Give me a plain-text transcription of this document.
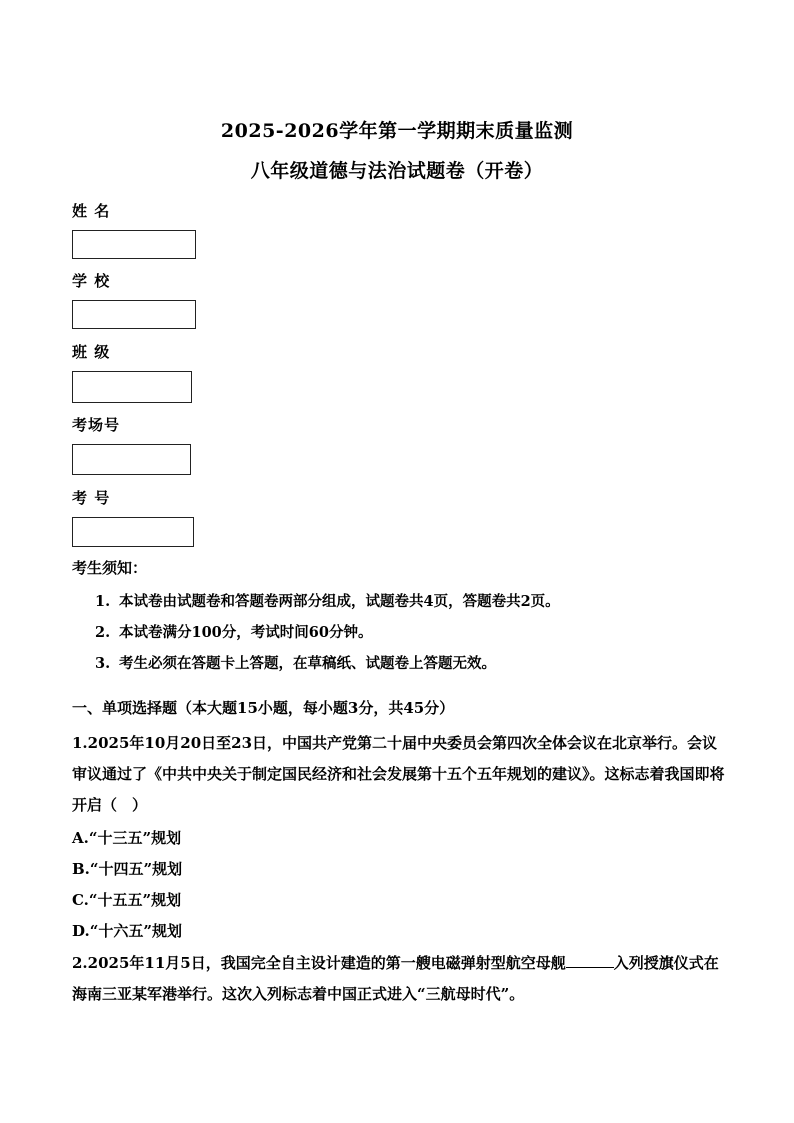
2025-2026学年第一学期期末质量监测
八年级道德与法治试题卷（开卷）
姓 名
学 校
班 级
考场号
考 号
考生须知：
1. 本试卷由试题卷和答题卷两部分组成，试题卷共4页，答题卷共2页。
2. 本试卷满分100分，考试时间60分钟。
3. 考生必须在答题卡上答题，在草稿纸、试题卷上答题无效。
一、单项选择题（本大题15小题，每小题3分，共45分）
1.2025年10月20日至23日，中国共产党第二十届中央委员会第四次全体会议在北京举行。会议审议通过了《中共中央关于制定国民经济和社会发展第十五个五年规划的建议》。这标志着我国即将开启（　）
A.“十三五”规划
B.“十四五”规划
C.“十五五”规划
D.“十六五”规划
2.2025年11月5日，我国完全自主设计建造的第一艘电磁弹射型航空母舰	入列授旗仪式在海南三亚某军港举行。这次入列标志着中国正式进入“三航母时代”。
